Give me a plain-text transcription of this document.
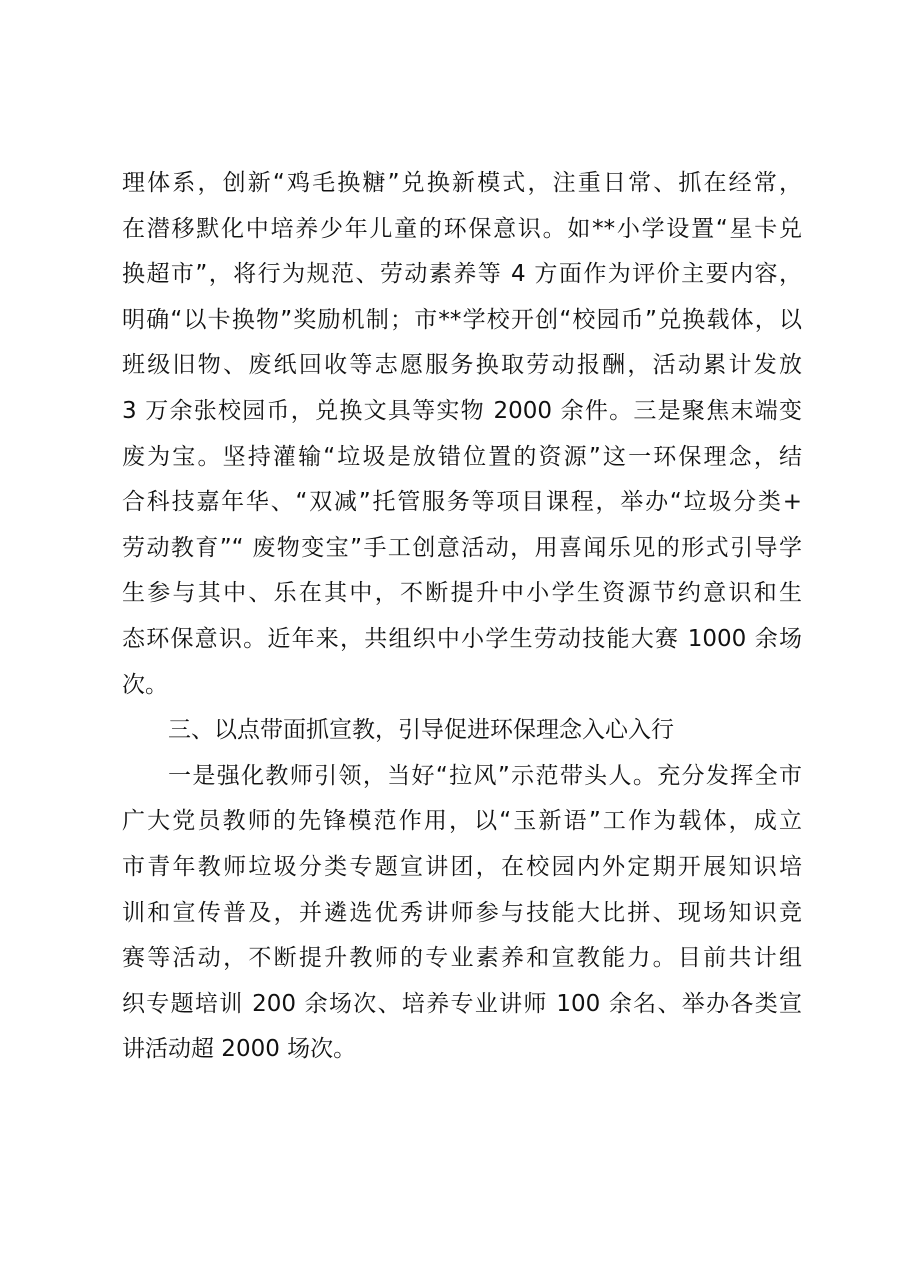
理体系，创新“鸡毛换糖”兑换新模式，注重日常、抓在经常，
在潜移默化中培养少年儿童的环保意识。如**小学设置“星卡兑
换超市”，将行为规范、劳动素养等 4 方面作为评价主要内容，
明确“以卡换物”奖励机制；市**学校开创“校园币”兑换载体，以
班级旧物、废纸回收等志愿服务换取劳动报酬，活动累计发放
3 万余张校园币，兑换文具等实物 2000 余件。三是聚焦末端变
废为宝。坚持灌输“垃圾是放错位置的资源”这一环保理念，结
合科技嘉年华、“双减”托管服务等项目课程，举办“垃圾分类+
劳动教育”“ 废物变宝”手工创意活动，用喜闻乐见的形式引导学
生参与其中、乐在其中，不断提升中小学生资源节约意识和生
态环保意识。近年来，共组织中小学生劳动技能大赛 1000 余场
次。
三、以点带面抓宣教，引导促进环保理念入心入行
一是强化教师引领，当好“拉风”示范带头人。充分发挥全市
广大党员教师的先锋模范作用，以“玉新语”工作为载体，成立
市青年教师垃圾分类专题宣讲团，在校园内外定期开展知识培
训和宣传普及，并遴选优秀讲师参与技能大比拼、现场知识竞
赛等活动，不断提升教师的专业素养和宣教能力。目前共计组
织专题培训 200 余场次、培养专业讲师 100 余名、举办各类宣
讲活动超 2000 场次。
